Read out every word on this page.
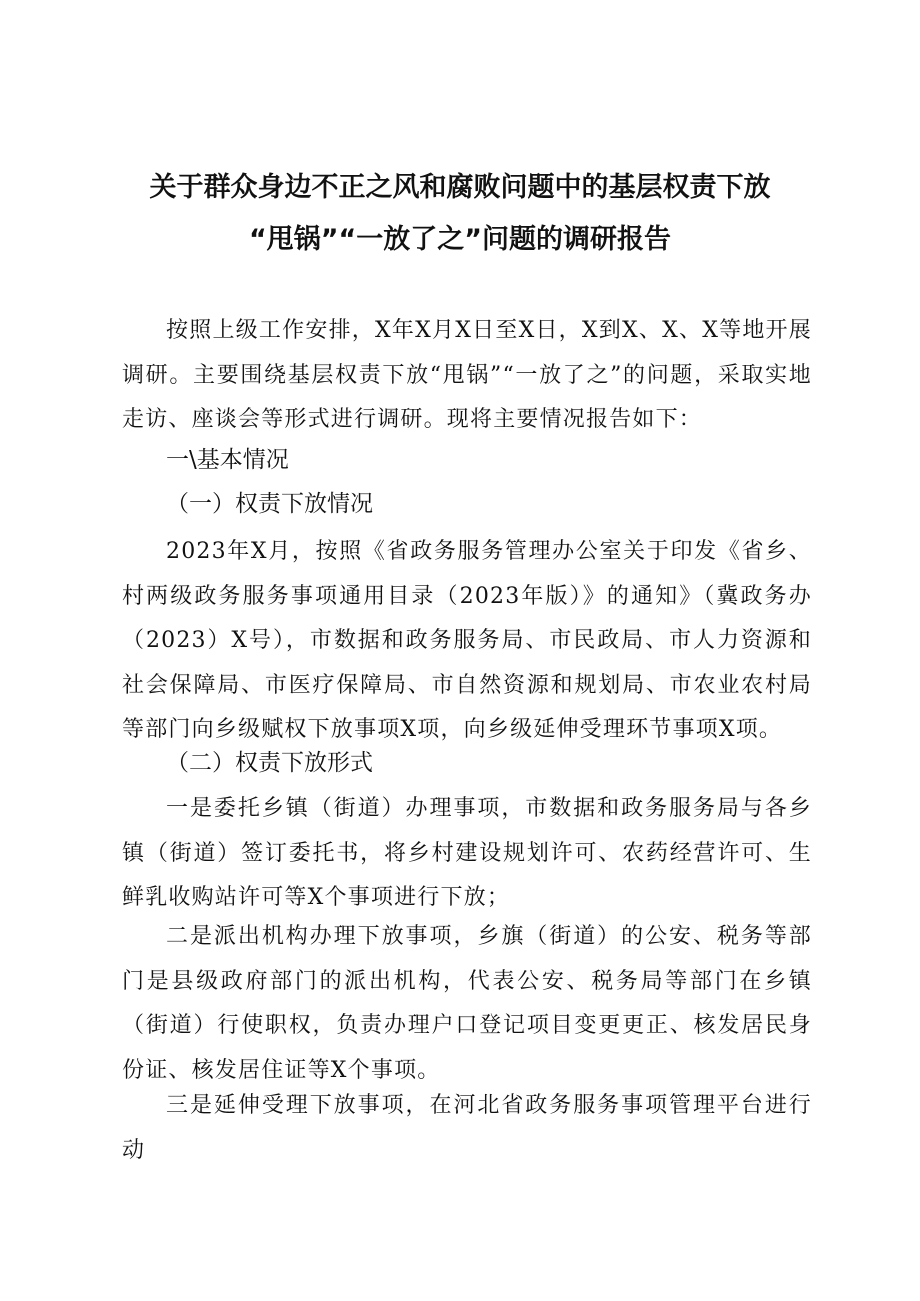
关于群众身边不正之风和腐败问题中的基层权责下放
“甩锅”“一放了之”问题的调研报告

按照上级工作安排，X年X月X日至X日，X到X、X、X等地开展调研。主要围绕基层权责下放“甩锅”“一放了之”的问题，采取实地走访、座谈会等形式进行调研。现将主要情况报告如下：

一\基本情况
（一）权责下放情况

2023年X月，按照《省政务服务管理办公室关于印发《省乡、村两级政务服务事项通用目录（2023年版）》的通知》（冀政务办（2023）X号），市数据和政务服务局、市民政局、市人力资源和社会保障局、市医疗保障局、市自然资源和规划局、市农业农村局等部门向乡级赋权下放事项X项，向乡级延伸受理环节事项X项。

（二）权责下放形式

一是委托乡镇（街道）办理事项，市数据和政务服务局与各乡镇（街道）签订委托书，将乡村建设规划许可、农药经营许可、生鲜乳收购站许可等X个事项进行下放；

二是派出机构办理下放事项，乡旗（街道）的公安、税务等部门是县级政府部门的派出机构，代表公安、税务局等部门在乡镇（街道）行使职权，负责办理户口登记项目变更更正、核发居民身份证、核发居住证等X个事项。

三是延伸受理下放事项，在河北省政务服务事项管理平台进行动
